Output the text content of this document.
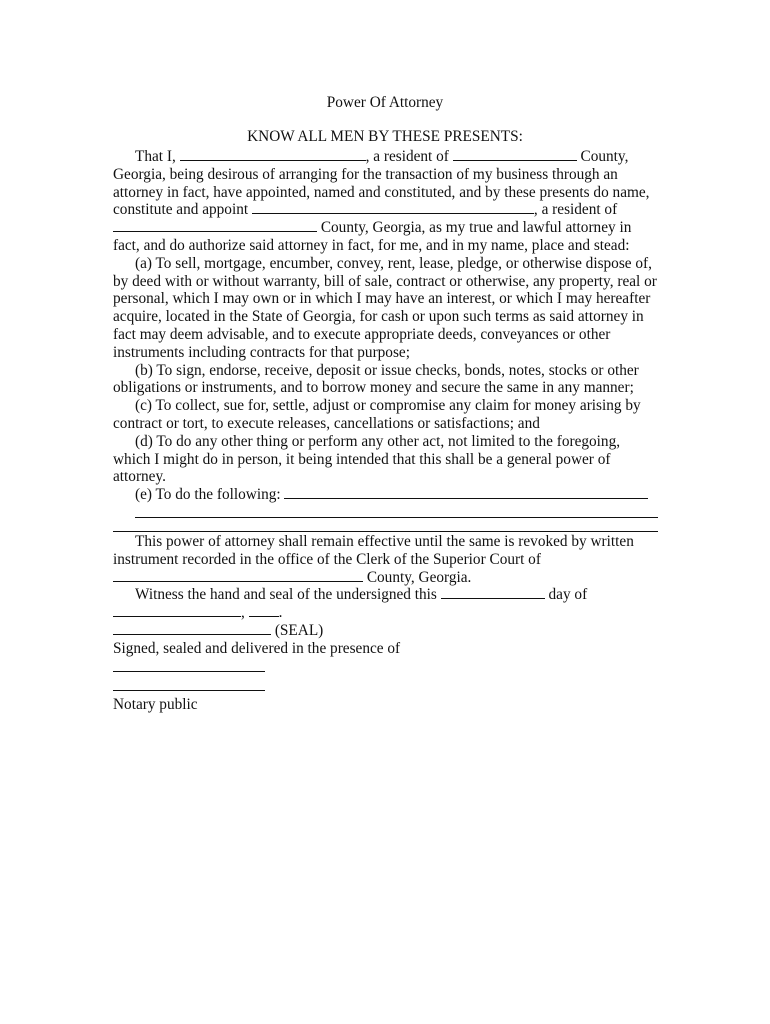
Power Of Attorney
KNOW ALL MEN BY THESE PRESENTS:

That I,	, a resident of	County, Georgia, being desirous of arranging for the transaction of my business through an attorney in fact, have appointed, named and constituted, and by these presents do name, constitute and appoint	, a resident of  County, Georgia, as my true and lawful attorney in fact, and do authorize said attorney in fact, for me, and in my name, place and stead:

(a) To sell, mortgage, encumber, convey, rent, lease, pledge, or otherwise dispose of, by deed with or without warranty, bill of sale, contract or otherwise, any property, real or personal, which I may own or in which I may have an interest, or which I may hereafter acquire, located in the State of Georgia, for cash or upon such terms as said attorney in fact may deem advisable, and to execute appropriate deeds, conveyances or other instruments including contracts for that purpose;

(b) To sign, endorse, receive, deposit or issue checks, bonds, notes, stocks or other obligations or instruments, and to borrow money and secure the same in any manner;

(c) To collect, sue for, settle, adjust or compromise any claim for money arising by contract or tort, to execute releases, cancellations or satisfactions; and

(d) To do any other thing or perform any other act, not limited to the foregoing, which I might do in person, it being intended that this shall be a general power of attorney.

(e) To do the following:

This power of attorney shall remain effective until the same is revoked by written instrument recorded in the office of the Clerk of the Superior Court of

County, Georgia.

Witness the hand and seal of the undersigned this	day of

, .

(SEAL)

Signed, sealed and delivered in the presence of

Notary public
